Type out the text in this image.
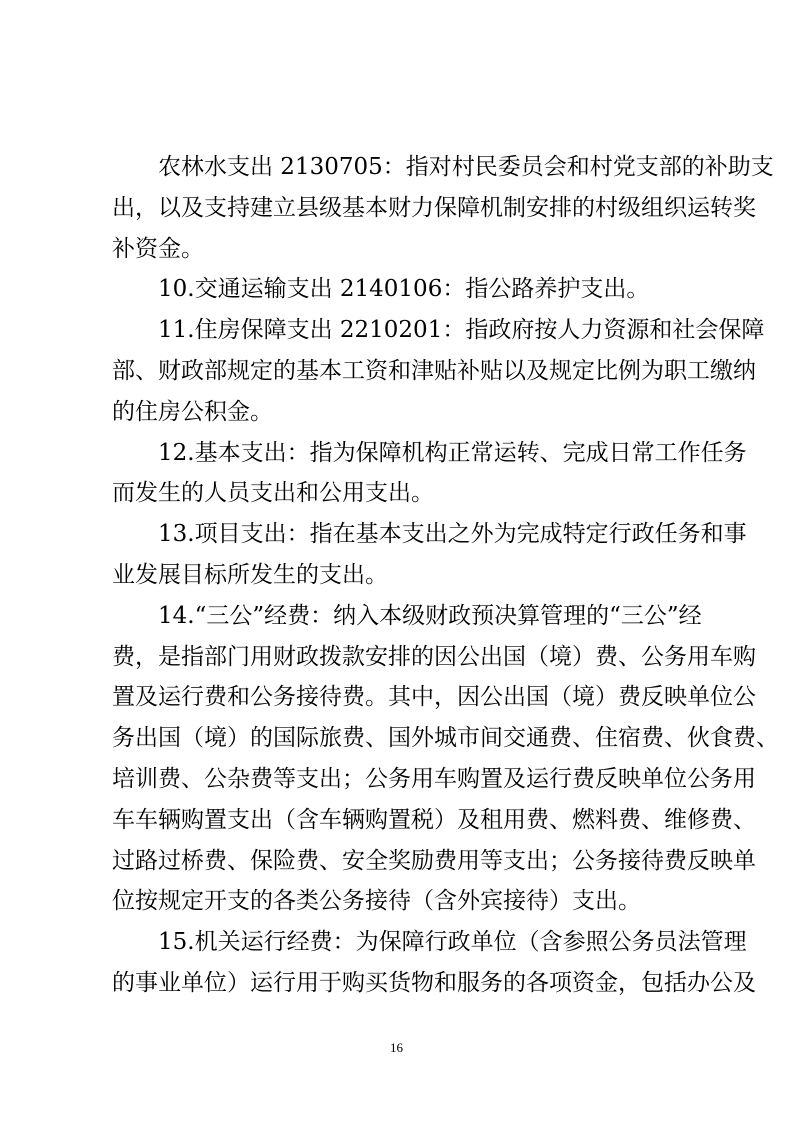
农林水支出 2130705：指对村民委员会和村党支部的补助支
出，以及支持建立县级基本财力保障机制安排的村级组织运转奖
补资金。
10.交通运输支出 2140106：指公路养护支出。
11.住房保障支出 2210201：指政府按人力资源和社会保障
部、财政部规定的基本工资和津贴补贴以及规定比例为职工缴纳
的住房公积金。
12.基本支出：指为保障机构正常运转、完成日常工作任务
而发生的人员支出和公用支出。
13.项目支出：指在基本支出之外为完成特定行政任务和事
业发展目标所发生的支出。
14.“三公”经费：纳入本级财政预决算管理的“三公”经
费，是指部门用财政拨款安排的因公出国（境）费、公务用车购
置及运行费和公务接待费。其中，因公出国（境）费反映单位公
务出国（境）的国际旅费、国外城市间交通费、住宿费、伙食费、
培训费、公杂费等支出；公务用车购置及运行费反映单位公务用
车车辆购置支出（含车辆购置税）及租用费、燃料费、维修费、
过路过桥费、保险费、安全奖励费用等支出；公务接待费反映单
位按规定开支的各类公务接待（含外宾接待）支出。
15.机关运行经费：为保障行政单位（含参照公务员法管理
的事业单位）运行用于购买货物和服务的各项资金，包括办公及
16
